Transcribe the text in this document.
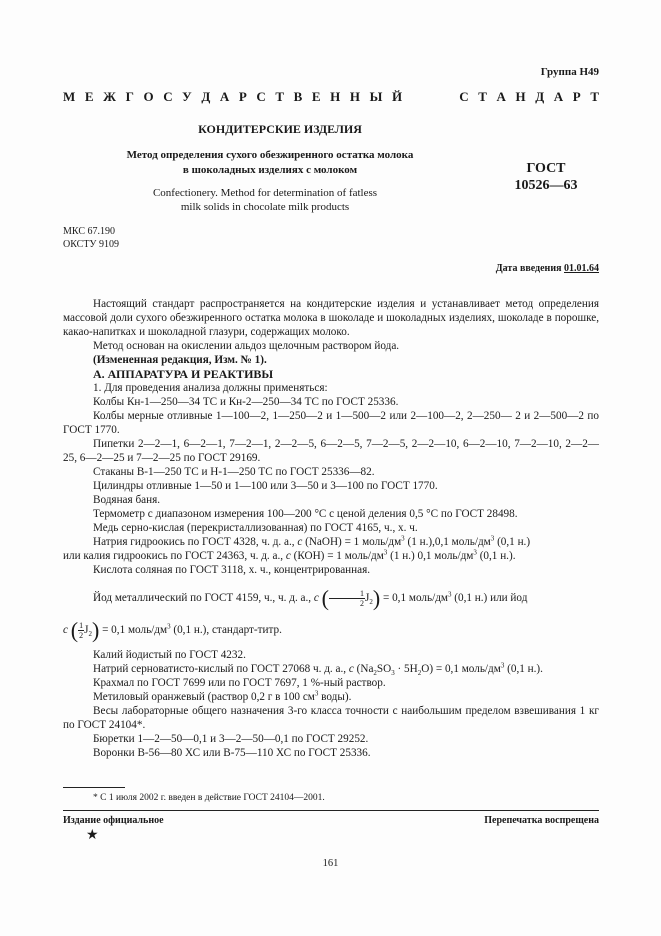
Группа Н49
М Е Ж Г О С У Д А Р С Т В Е Н Н Ы Й	С Т А Н Д А Р Т
КОНДИТЕРСКИЕ ИЗДЕЛИЯ
Метод определения сухого обезжиренного остатка молока
в шоколадных изделиях с молоком
Confectionery. Method for determination of fatless
milk solids in chocolate milk products
ГОСТ
10526—63
МКС 67.190
ОКСТУ 9109
Дата введения 01.01.64

Настоящий стандарт распространяется на кондитерские изделия и устанавливает метод определения массовой доли сухого обезжиренного остатка молока в шоколаде и шоколадных изделиях, шоколаде в порошке, какао-напитках и шоколадной глазури, содержащих молоко.

Метод основан на окислении альдоз щелочным раствором йода.

(Измененная редакция, Изм. № 1).

А. АППАРАТУРА И РЕАКТИВЫ

1. Для проведения анализа должны применяться:

Колбы Кн-1—250—34 ТС и Кн-2—250—34 ТС по ГОСТ 25336.

Колбы мерные отливные 1—100—2, 1—250—2 и 1—500—2 или 2—100—2, 2—250— 2 и 2—500—2 по ГОСТ 1770.

Пипетки 2—2—1, 6—2—1, 7—2—1, 2—2—5, 6—2—5, 7—2—5, 2—2—10, 6—2—10, 7—2—10, 2—2—25, 6—2—25 и 7—2—25 по ГОСТ 29169.

Стаканы В-1—250 ТС и Н-1—250 ТС по ГОСТ 25336—82.

Цилиндры отливные 1—50 и 1—100 или 3—50 и 3—100 по ГОСТ 1770.

Водяная баня.

Термометр с диапазоном измерения 100—200 °С с ценой деления 0,5 °С по ГОСТ 28498.

Медь серно-кислая (перекристаллизованная) по ГОСТ 4165, ч., х. ч.

Натрия гидроокись по ГОСТ 4328, ч. д. а., c (NaOH) = 1 моль/$дм^3$ (1 н.),0,1 моль/$дм^3$ (0,1 н.)

или калия гидроокись по ГОСТ 24363, ч. д. а., c (КОН) = 1 моль/$дм^3$ (1 н.) 0,1 моль/$дм^3$ (0,1 н.).

Кислота соляная по ГОСТ 3118, х. ч., концентрированная.

Йод металлический по ГОСТ 4159, ч., ч. д. а., c ( $\frac{1}{2} J_2) = 0,1$ моль/$дм^3$ (0,1 н.) или йод

c ( $\frac{1}{2} J_2) = 0,1$ моль/$дм^3$ (0,1 н.), стандарт-титр.

Калий йодистый по ГОСТ 4232.

Натрий серноватисто-кислый по ГОСТ 27068 ч. д. а., c $(Na_2SO_3 \cdot 5H_2O) = 0,1$ моль/$дм^3$ (0,1 н.).

Крахмал по ГОСТ 7699 или по ГОСТ 7697, 1 %-ный раствор.

Метиловый оранжевый (раствор 0,2 г в 100 $см^3$ воды).

Весы лабораторные общего назначения 3-го класса точности с наибольшим пределом взвешивания 1 кг по ГОСТ 24104*.

Бюретки 1—2—50—0,1 и 3—2—50—0,1 по ГОСТ 29252.

Воронки В-56—80 ХС или В-75—110 ХС по ГОСТ 25336.

* С 1 июля 2002 г. введен в действие ГОСТ 24104—2001.
Издание официальное
★
Перепечатка воспрещена
161
